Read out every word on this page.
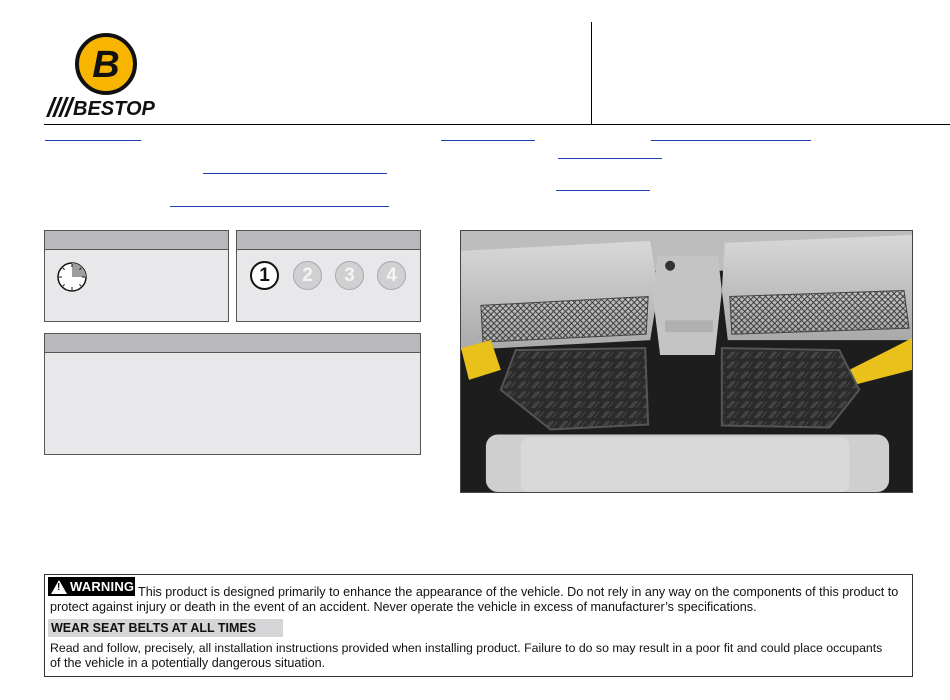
B
BESTOP
1	2	3	4
! WARNING This product is designed primarily to enhance the appearance of the vehicle. Do not rely in any way on the components of this product to
protect against injury or death in the event of an accident. Never operate the vehicle in excess of manufacturer’s specifications.
WEAR SEAT BELTS AT ALL TIMES
Read and follow, precisely, all installation instructions provided when installing product. Failure to do so may result in a poor fit and could place occupants
of the vehicle in a potentially dangerous situation.
